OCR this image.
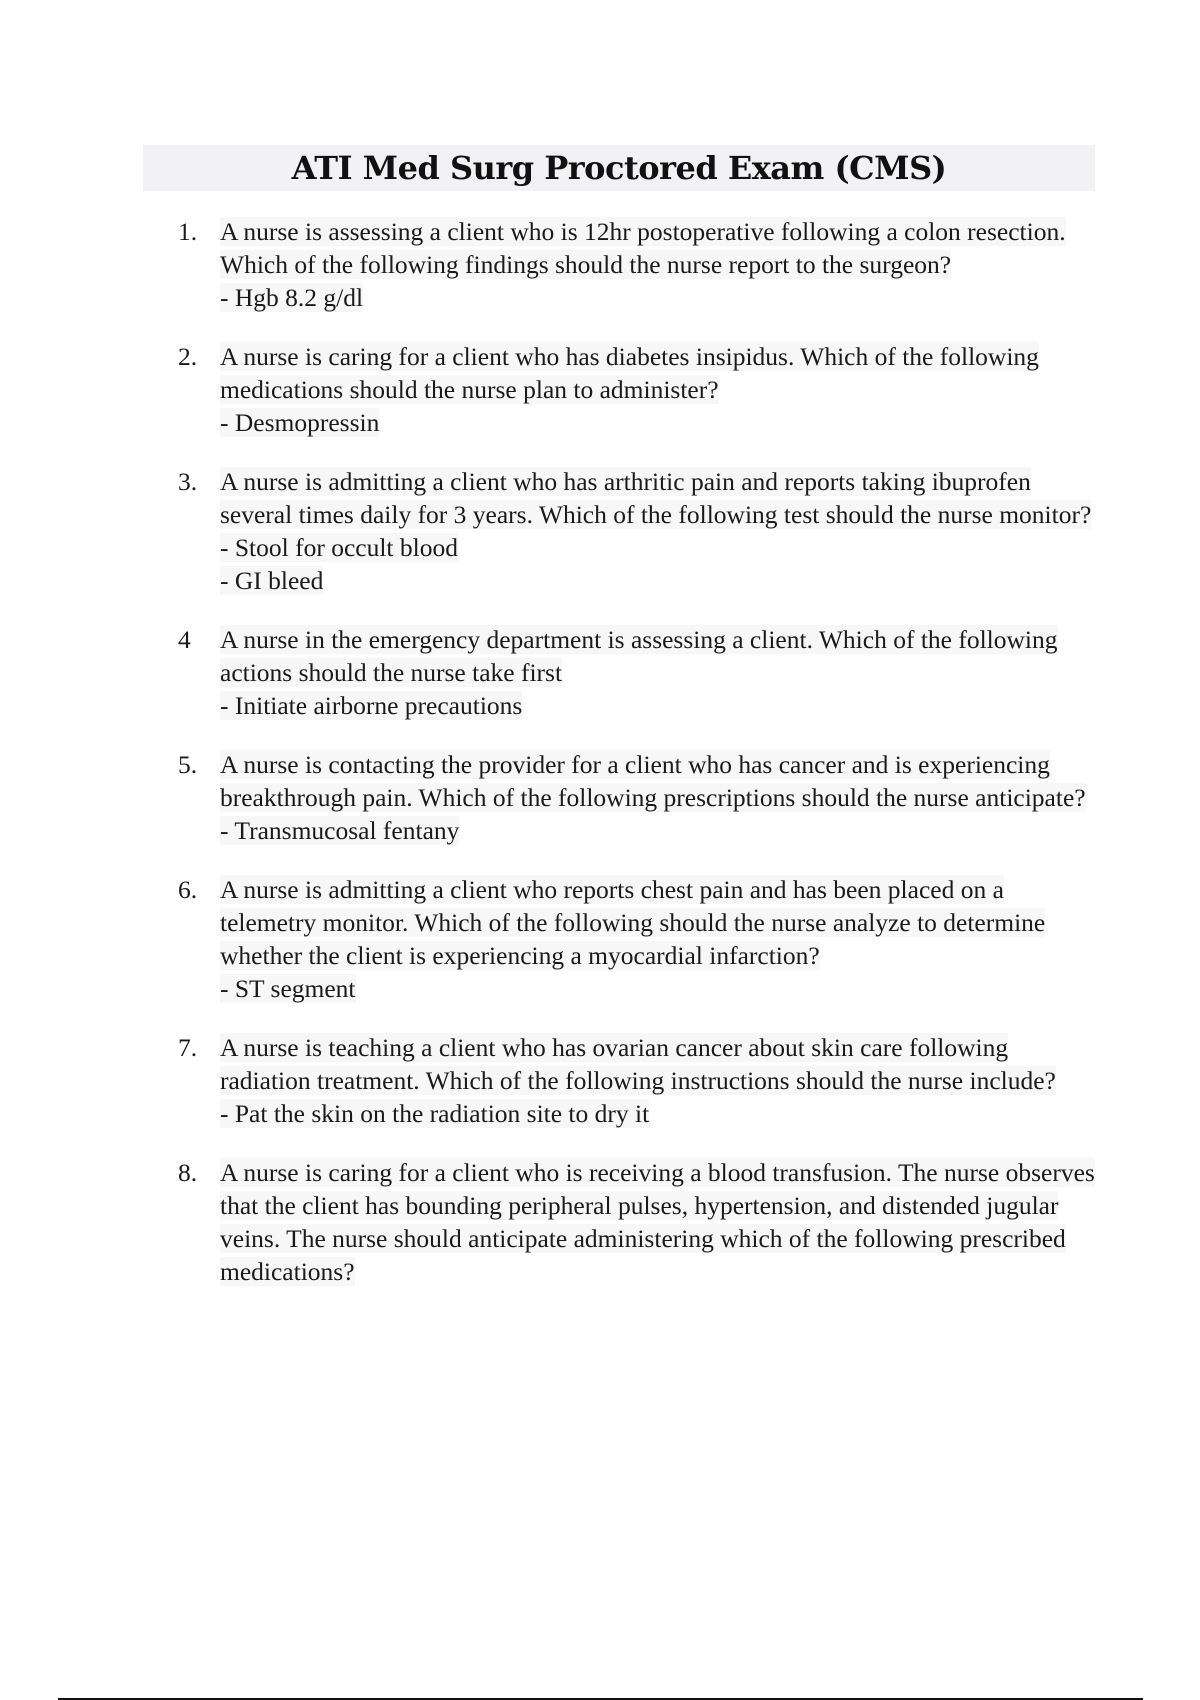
ATI Med Surg Proctored Exam (CMS)
1. A nurse is assessing a client who is 12hr postoperative following a colon resection. Which of the following findings should the nurse report to the surgeon?
- Hgb 8.2 g/dl
2. A nurse is caring for a client who has diabetes insipidus. Which of the following medications should the nurse plan to administer?
- Desmopressin
3. A nurse is admitting a client who has arthritic pain and reports taking ibuprofen several times daily for 3 years. Which of the following test should the nurse monitor?
- Stool for occult blood
- GI bleed
4	A nurse in the emergency department is assessing a client. Which of the following actions should the nurse take first
- Initiate airborne precautions
5. A nurse is contacting the provider for a client who has cancer and is experiencing breakthrough pain. Which of the following prescriptions should the nurse anticipate?
- Transmucosal fentany
6. A nurse is admitting a client who reports chest pain and has been placed on a telemetry monitor. Which of the following should the nurse analyze to determine whether the client is experiencing a myocardial infarction?
- ST segment
7. A nurse is teaching a client who has ovarian cancer about skin care following radiation treatment. Which of the following instructions should the nurse include?
- Pat the skin on the radiation site to dry it
8. A nurse is caring for a client who is receiving a blood transfusion. The nurse observes that the client has bounding peripheral pulses, hypertension, and distended jugular veins. The nurse should anticipate administering which of the following prescribed medications?
